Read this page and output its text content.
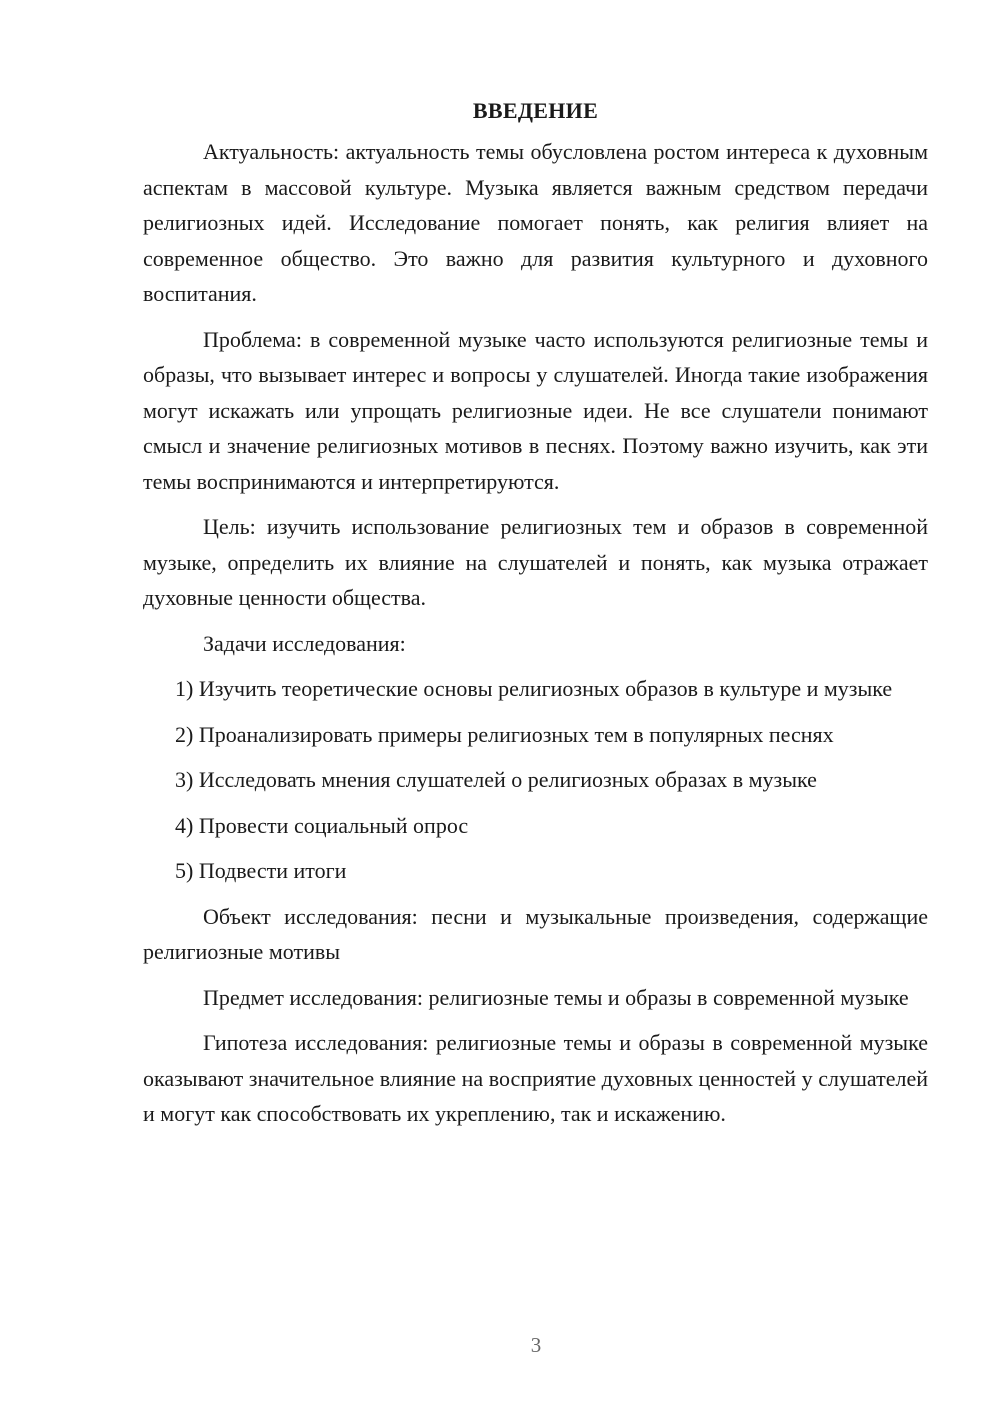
ВВЕДЕНИЕ

Актуальность: актуальность темы обусловлена ростом интереса к духовным аспектам в массовой культуре. Музыка является важным средством передачи религиозных идей. Исследование помогает понять, как религия влияет на современное общество. Это важно для развития культурного и духовного воспитания.

Проблема: в современной музыке часто используются религиозные темы и образы, что вызывает интерес и вопросы у слушателей. Иногда такие изображения могут искажать или упрощать религиозные идеи. Не все слушатели понимают смысл и значение религиозных мотивов в песнях. Поэтому важно изучить, как эти темы воспринимаются и интерпретируются.

Цель: изучить использование религиозных тем и образов в современной музыке, определить их влияние на слушателей и понять, как музыка отражает духовные ценности общества.

Задачи исследования:

1) Изучить теоретические основы религиозных образов в культуре и музыке

2) Проанализировать примеры религиозных тем в популярных песнях

3) Исследовать мнения слушателей о религиозных образах в музыке

4) Провести социальный опрос

5) Подвести итоги

Объект исследования: песни и музыкальные произведения, содержащие религиозные мотивы

Предмет исследования: религиозные темы и образы в современной музыке

Гипотеза исследования: религиозные темы и образы в современной музыке оказывают значительное влияние на восприятие духовных ценностей у слушателей и могут как способствовать их укреплению, так и искажению.

3
